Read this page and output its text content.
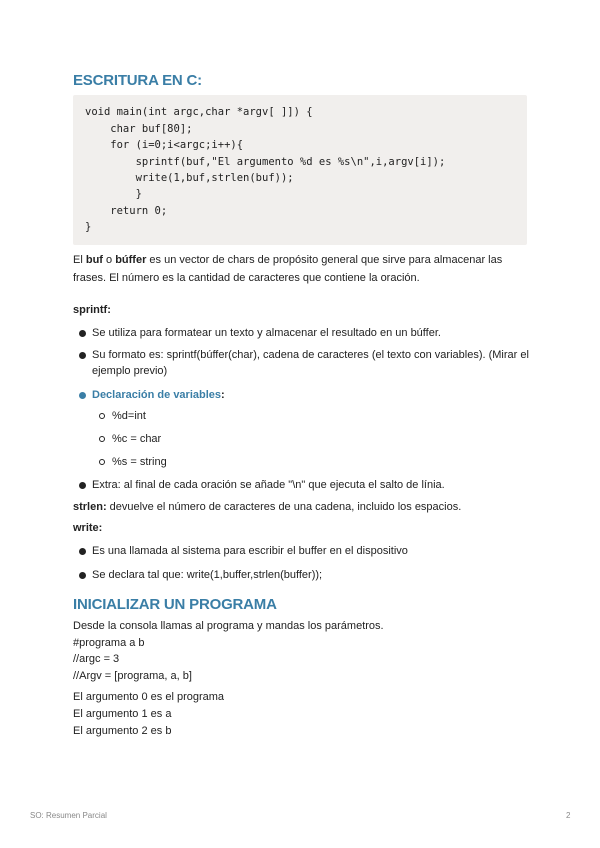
ESCRITURA EN C:
void main(int argc,char *argv[ ]]) {
char buf[80];
for (i=0;i<argc;i++){
sprintf(buf,"El argumento %d es %s\n",i,argv[i]);
write(1,buf,strlen(buf));
}
return 0;
}
El buf o búffer es un vector de chars de propósito general que sirve para almacenar las frases. El número es la cantidad de caracteres que contiene la oración.
sprintf:
Se utiliza para formatear un texto y almacenar el resultado en un búffer.
Su formato es: sprintf(búffer(char), cadena de caracteres (el texto con variables). (Mirar el ejemplo previo)
Declaración de variables:
%d=int
%c = char
%s = string
Extra: al final de cada oración se añade "\n" que ejecuta el salto de línia.
strlen: devuelve el número de caracteres de una cadena, incluido los espacios.
write:
Es una llamada al sistema para escribir el buffer en el dispositivo
Se declara tal que: write(1,buffer,strlen(buffer));
INICIALIZAR UN PROGRAMA
Desde la consola llamas al programa y mandas los parámetros.
#programa a b
//argc = 3
//Argv = [programa, a, b]
El argumento 0 es el programa
El argumento 1 es a
El argumento 2 es b
SO: Resumen Parcial	2
